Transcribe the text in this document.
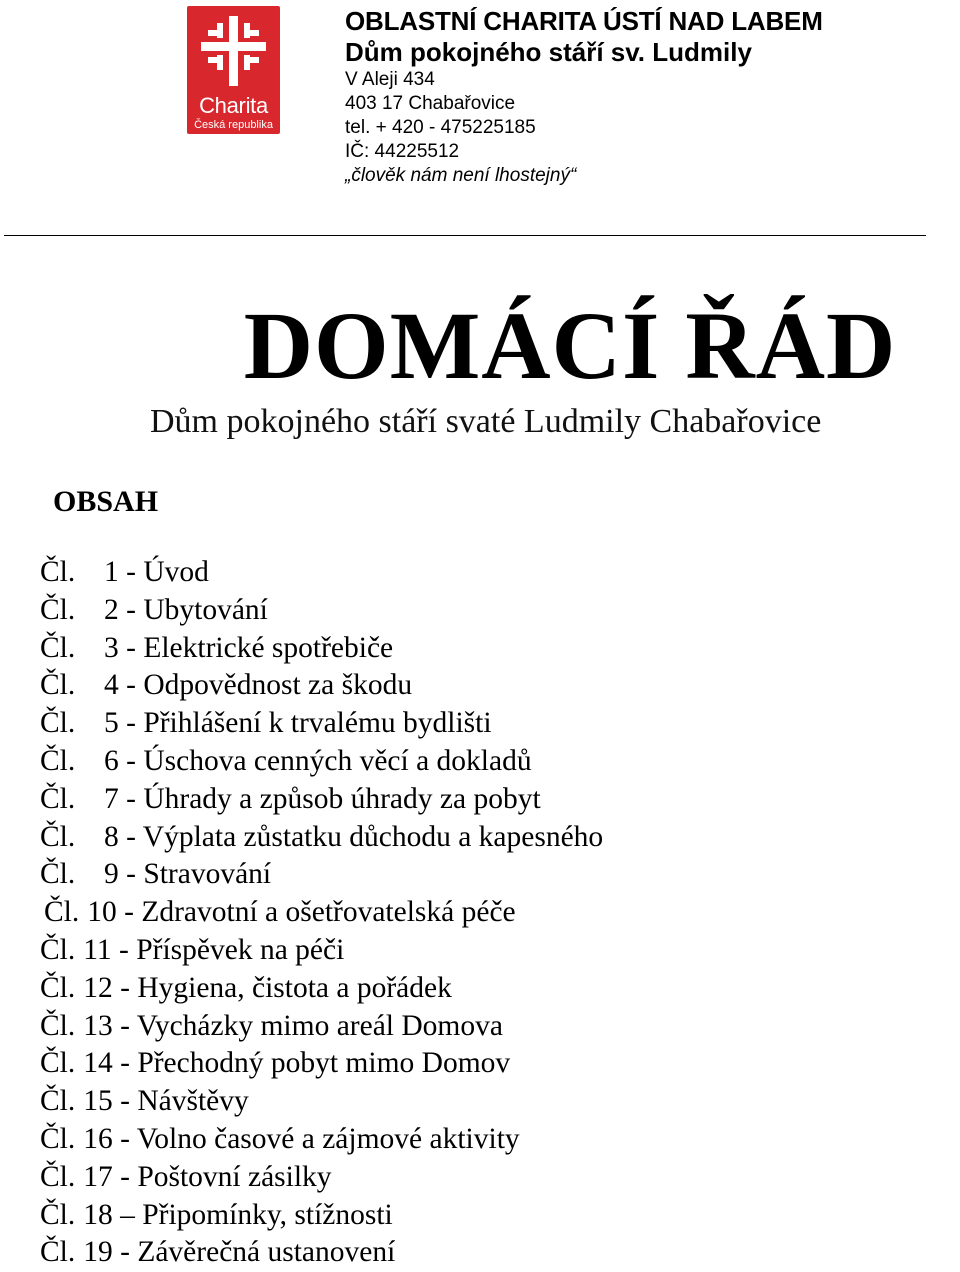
Charita
Česká republika
OBLASTNÍ CHARITA ÚSTÍ NAD LABEM
Dům pokojného stáří sv. Ludmily
V Aleji 434
403 17 Chabařovice
tel. + 420 - 475225185
IČ: 44225512
„člověk nám není lhostejný“
DOMÁCÍ ŘÁD
Dům pokojného stáří svaté Ludmily Chabařovice
OBSAH
Čl. 1 - Úvod
Čl. 2 - Ubytování
Čl. 3 - Elektrické spotřebiče
Čl. 4 - Odpovědnost za škodu
Čl. 5 - Přihlášení k trvalému bydlišti
Čl. 6 - Úschova cenných věcí a dokladů
Čl. 7 - Úhrady a způsob úhrady za pobyt
Čl. 8 - Výplata zůstatku důchodu a kapesného
Čl. 9 - Stravování
Čl. 10 - Zdravotní a ošetřovatelská péče
Čl. 11 - Příspěvek na péči
Čl. 12 - Hygiena, čistota a pořádek
Čl. 13 - Vycházky mimo areál Domova
Čl. 14 - Přechodný pobyt mimo Domov
Čl. 15 - Návštěvy
Čl. 16 - Volno časové a zájmové aktivity
Čl. 17 - Poštovní zásilky
Čl. 18 – Připomínky, stížnosti
Čl. 19 - Závěrečná ustanovení
